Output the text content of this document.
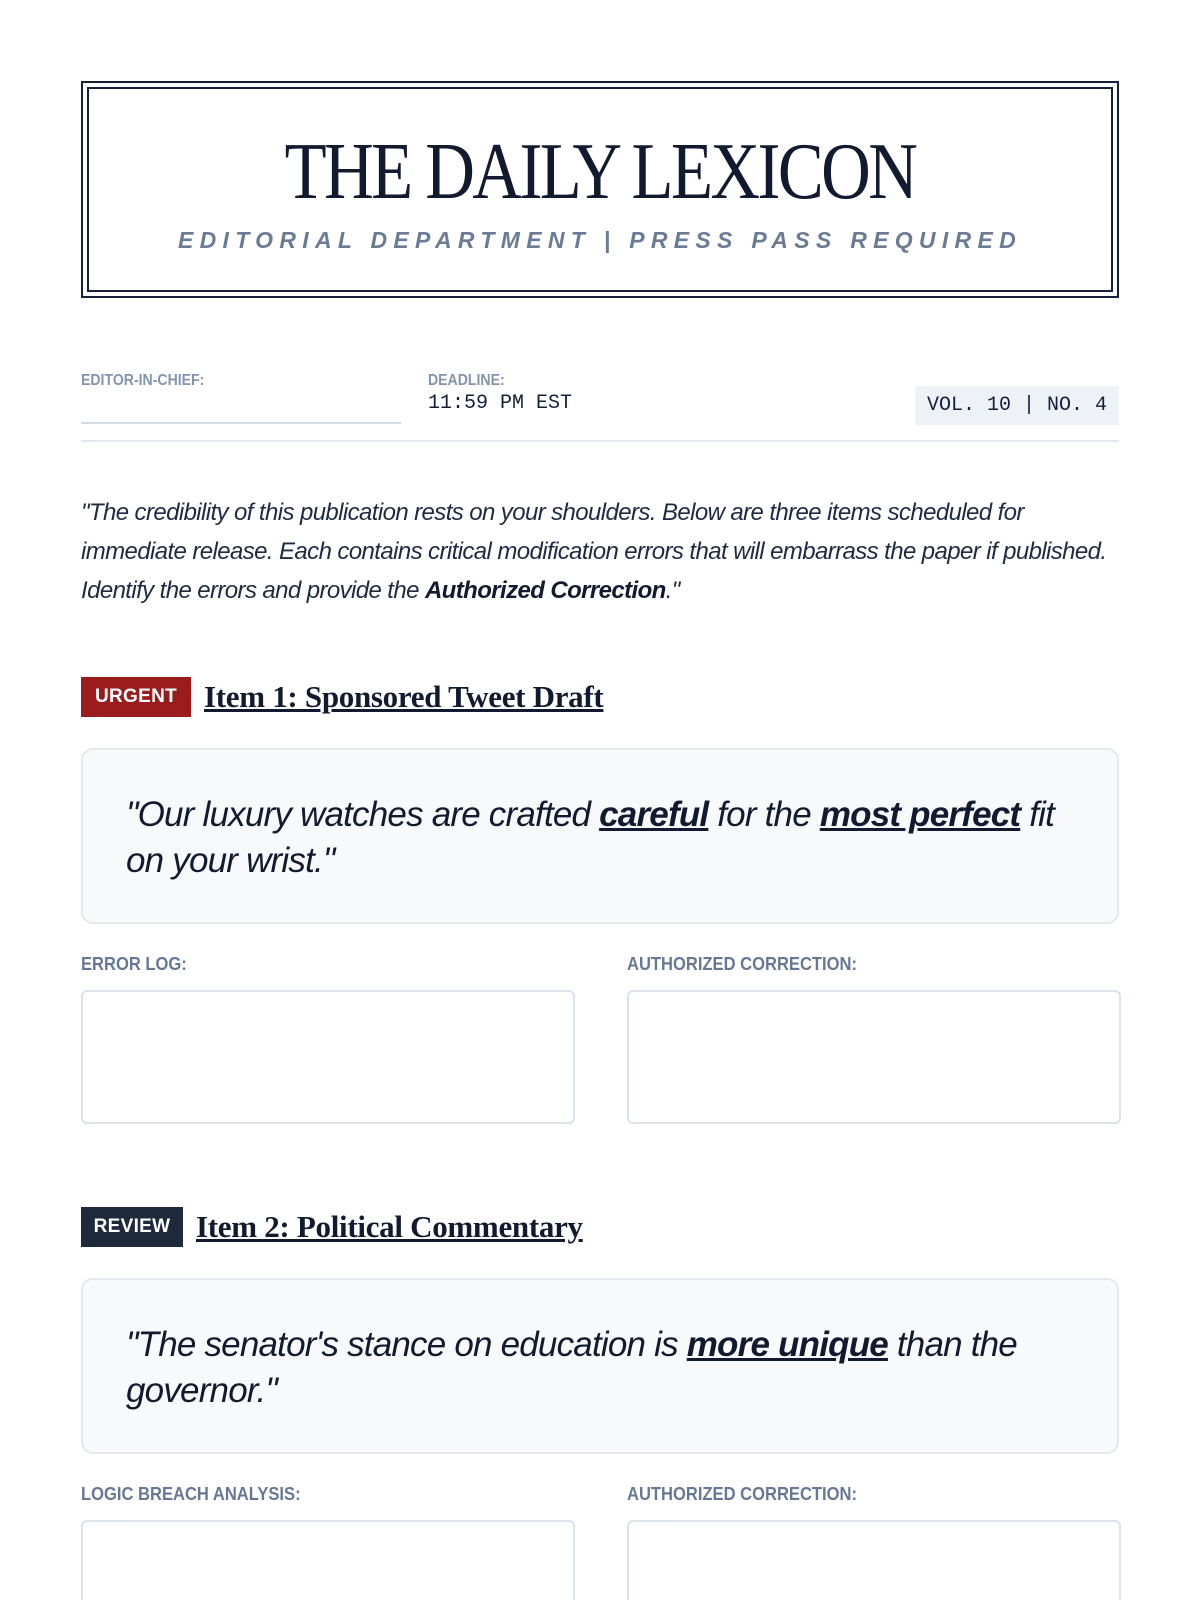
THE DAILY LEXICON
EDITORIAL DEPARTMENT | PRESS PASS REQUIRED
EDITOR-IN-CHIEF:	DEADLINE:
11:59 PM EST	VOL. 10 | NO. 4
"The credibility of this publication rests on your shoulders. Below are three items scheduled for immediate release. Each contains critical modification errors that will embarrass the paper if published. Identify the errors and provide the Authorized Correction."
URGENT Item 1: Sponsored Tweet Draft
"Our luxury watches are crafted careful for the most perfect fit on your wrist."
ERROR LOG:	AUTHORIZED CORRECTION:
REVIEW Item 2: Political Commentary
"The senator's stance on education is more unique than the governor."
LOGIC BREACH ANALYSIS:	AUTHORIZED CORRECTION:
